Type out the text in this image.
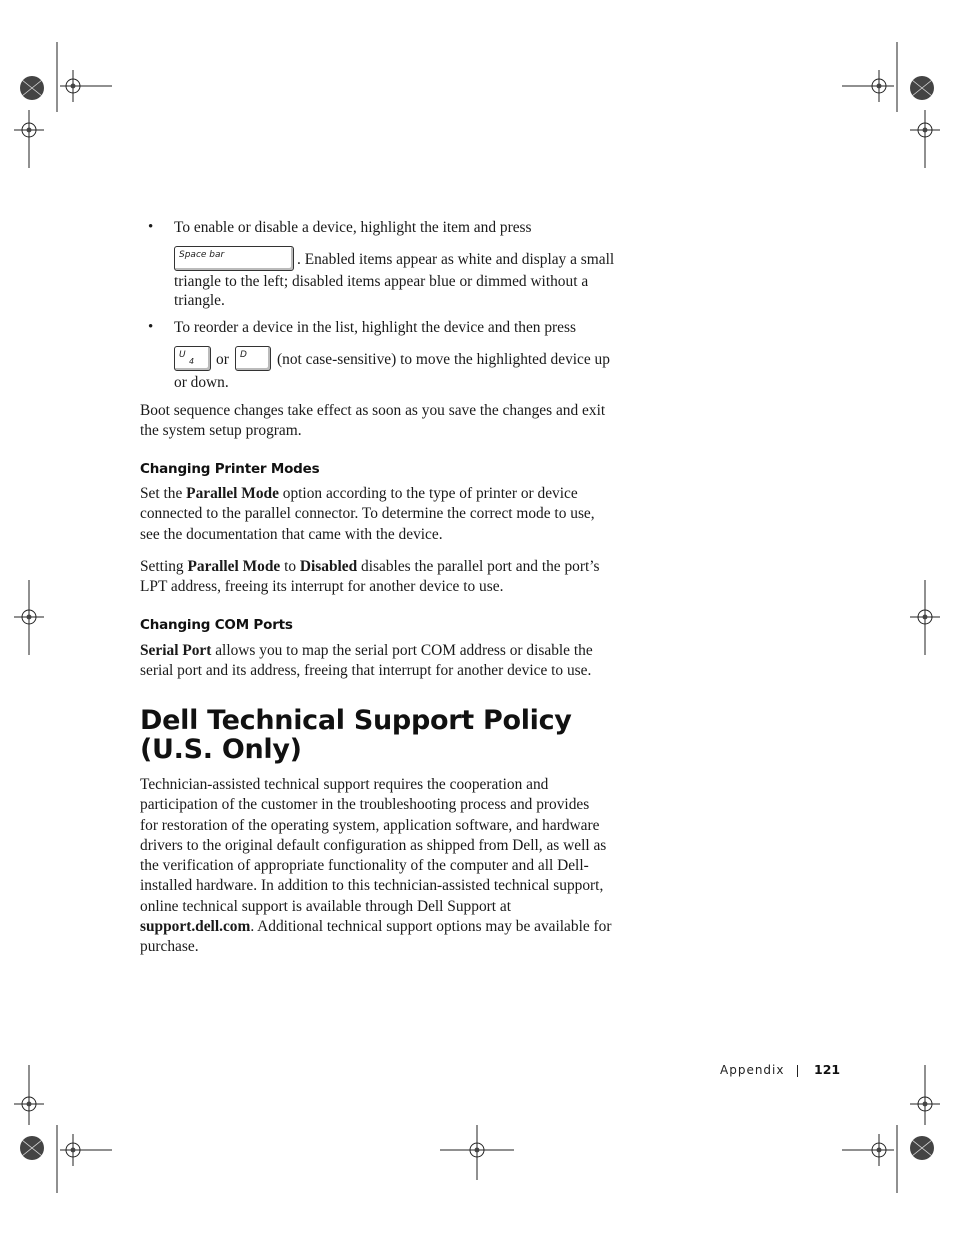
• To enable or disable a device, highlight the item and press
Space bar	. Enabled items appear as white and display a small
triangle to the left; disabled items appear blue or dimmed without a
triangle.
• To reorder a device in the list, highlight the device and then press
U
4 or D (not case-sensitive) to move the highlighted device up
or down.
Boot sequence changes take effect as soon as you save the changes and exit
the system setup program.
Changing Printer Modes
Set the Parallel Mode option according to the type of printer or device
connected to the parallel connector. To determine the correct mode to use,
see the documentation that came with the device.
Setting Parallel Mode to Disabled disables the parallel port and the port’s
LPT address, freeing its interrupt for another device to use.
Changing COM Ports
Serial Port allows you to map the serial port COM address or disable the
serial port and its address, freeing that interrupt for another device to use.
Dell Technical Support Policy
(U.S. Only)
Technician-assisted technical support requires the cooperation and
participation of the customer in the troubleshooting process and provides
for restoration of the operating system, application software, and hardware
drivers to the original default configuration as shipped from Dell, as well as
the verification of appropriate functionality of the computer and all Dell-
installed hardware. In addition to this technician-assisted technical support,
online technical support is available through Dell Support at
support.dell.com. Additional technical support options may be available for
purchase.
Appendix 121
